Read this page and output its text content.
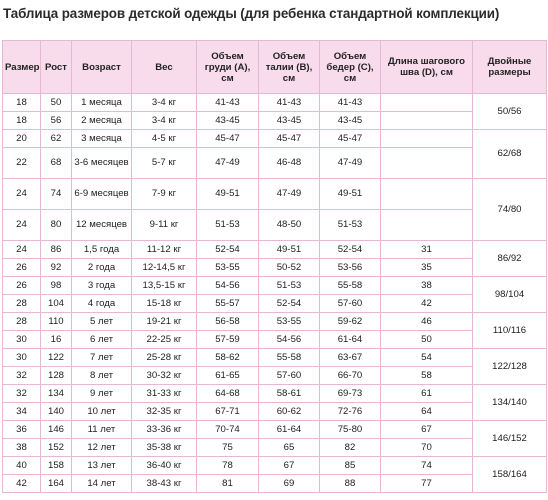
Таблица размеров детской одежды (для ребенка стандартной комплекции)
Размер	Рост	Возраст	Вес	Объем груди (A), см	Объем талии (B), см	Объем бедер (С), см	Длина шагового шва (D), см	Двойные размеры
18	50	1 месяца	3-4 кг	41-43	41-43	41-43		50/56
18	56	2 месяца	3-4 кг	43-45	43-45	43-45		
20	62	3 месяца	4-5 кг	45-47	45-47	45-47		62/68
22	68	3-6 месяцев	5-7 кг	47-49	46-48	47-49		
24	74	6-9 месяцев	7-9 кг	49-51	47-49	49-51		74/80
24	80	12 месяцев	9-11 кг	51-53	48-50	51-53		
24	86	1,5 года	11-12 кг	52-54	49-51	52-54	31	86/92
26	92	2 года	12-14,5 кг	53-55	50-52	53-56	35	
26	98	3 года	13,5-15 кг	54-56	51-53	55-58	38	98/104
28	104	4 года	15-18 кг	55-57	52-54	57-60	42	
28	110	5 лет	19-21 кг	56-58	53-55	59-62	46	110/116
30	16	6 лет	22-25 кг	57-59	54-56	61-64	50	
30	122	7 лет	25-28 кг	58-62	55-58	63-67	54	122/128
32	128	8 лет	30-32 кг	61-65	57-60	66-70	58	
32	134	9 лет	31-33 кг	64-68	58-61	69-73	61	134/140
34	140	10 лет	32-35 кг	67-71	60-62	72-76	64	
36	146	11 лет	33-36 кг	70-74	61-64	75-80	67	146/152
38	152	12 лет	35-38 кг	75	65	82	70	
40	158	13 лет	36-40 кг	78	67	85	74	158/164
42	164	14 лет	38-43 кг	81	69	88	77	
